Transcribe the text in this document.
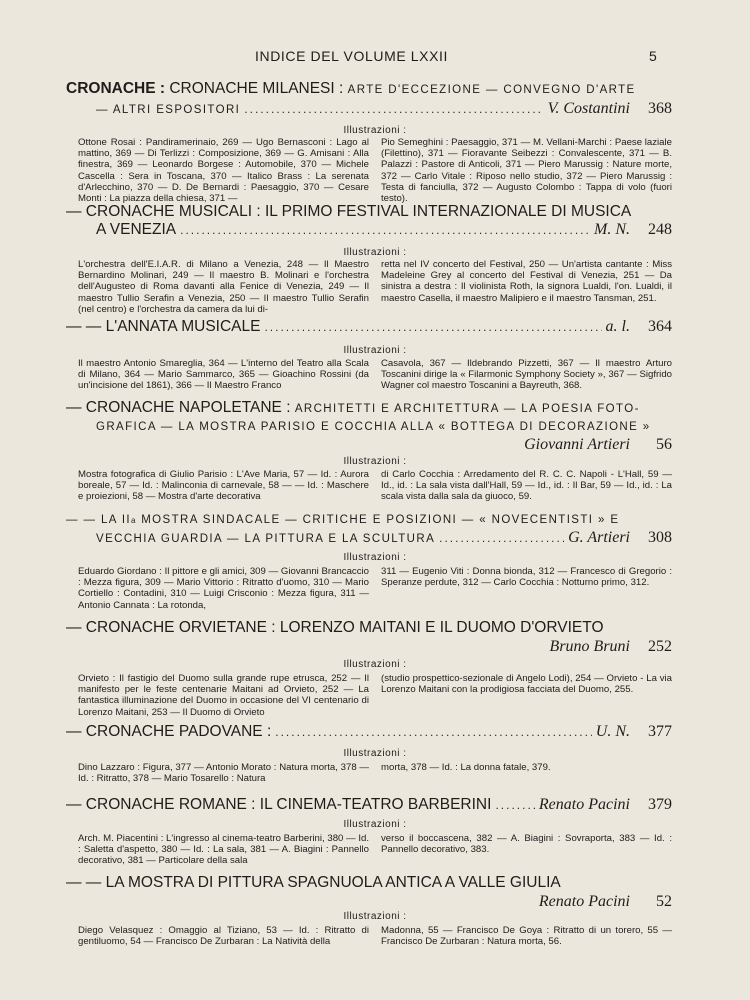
INDICE DEL VOLUME LXXII	5
CRONACHE :
CRONACHE MILANESI :
ARTE D'ECCEZIONE — CONVEGNO D'ARTE
— ALTRI ESPOSITORI .....	V. Costantini	368
Illustrazioni :
Ottone Rosai : Pandiramerinaio, 269 — Ugo Bernasconi : Lago al mattino, 369 — Di Terlizzi : Composizione, 369 — G. Amisani : Alla finestra, 369 — Leonardo Borgese : Automobile, 370 — Michele Cascella : Sera in Toscana, 370 — Italico Brass : La serenata d'Arlecchino, 370 — D. De Bernardi : Paesaggio, 370 — Cesare Monti : La piazza della chiesa, 371 —
Pio Semeghini : Paesaggio, 371 — M. Vellani-Marchi : Paese laziale (Filettino), 371 — Fioravante Seibezzi : Convalescente, 371 — B. Palazzi : Pastore di Anticoli, 371 — Piero Marussig : Nature morte, 372 — Carlo Vitale : Riposo nello studio, 372 — Piero Marussig : Testa di fanciulla, 372 — Augusto Colombo : Tappa di volo (fuori testo).
— CRONACHE MUSICALI : IL PRIMO FESTIVAL INTERNAZIONALE DI MUSICA
A VENEZIA .....	M. N.	248
Illustrazioni :
L'orchestra dell'E.I.A.R. di Milano a Venezia, 248 — Il Maestro Bernardino Molinari, 249 — Il maestro B. Molinari e l'orchestra dell'Augusteo di Roma davanti alla Fenice di Venezia, 249 — Il maestro Tullio Serafin a Venezia, 250 — Il maestro Tullio Serafin (nel centro) e l'orchestra da camera da lui di-
retta nel IV concerto del Festival, 250 — Un'artista cantante : Miss Madeleine Grey al concerto del Festival di Venezia, 251 — Da sinistra a destra : Il violinista Roth, la signora Lualdi, l'on. Lualdi, il maestro Casella, il maestro Malipiero e il maestro Tansman, 251.
— — L'ANNATA MUSICALE .....	a. l.	364
Illustrazioni :
Il maestro Antonio Smareglia, 364 — L'interno del Teatro alla Scala di Milano, 364 — Mario Sammarco, 365 — Gioachino Rossini (da un'incisione del 1861), 366 — Il Maestro Franco
Casavola, 367 — Ildebrando Pizzetti, 367 — Il maestro Arturo Toscanini dirige la « Filarmonic Symphony Society », 367 — Sigfrido Wagner col maestro Toscanini a Bayreuth, 368.
— CRONACHE NAPOLETANE :
ARCHITETTI E ARCHITETTURA — LA POESIA FOTO-
GRAFICA — LA MOSTRA PARISIO E COCCHIA ALLA « BOTTEGA DI DECORAZIONE »
Giovanni Artieri	56
Illustrazioni :
Mostra fotografica di Giulio Parisio : L'Ave Maria, 57 — Id. : Aurora boreale, 57 — Id. : Malinconia di carnevale, 58 — — Id. : Maschere e proiezioni, 58 — Mostra d'arte decorativa
di Carlo Cocchia : Arredamento del R. C. C. Napoli - L'Hall, 59 — Id., id. : La sala vista dall'Hall, 59 — Id., id. : Il Bar, 59 — Id., id. : La scala vista dalla sala da giuoco, 59.
— — LA II a
MOSTRA SINDACALE — CRITICHE E POSIZIONI — « NOVECENTISTI » E
VECCHIA GUARDIA — LA PITTURA E LA SCULTURA .....	G. Artieri	308
Illustrazioni :
Eduardo Giordano : Il pittore e gli amici, 309 — Giovanni Brancaccio : Mezza figura, 309 — Mario Vittorio : Ritratto d'uomo, 310 — Mario Cortiello : Contadini, 310 — Luigi Crisconio : Mezza figura, 311 — Antonio Cannata : La rotonda,
311 — Eugenio Viti : Donna bionda, 312 — Francesco di Gregorio : Speranze perdute, 312 — Carlo Cocchia : Notturno primo, 312.
— CRONACHE ORVIETANE : LORENZO MAITANI E IL DUOMO D'ORVIETO
Bruno Bruni	252
Illustrazioni :
Orvieto : Il fastigio del Duomo sulla grande rupe etrusca, 252 — Il manifesto per le feste centenarie Maitani ad Orvieto, 252 — La fantastica illuminazione del Duomo in occasione del VI centenario di Lorenzo Maitani, 253 — Il Duomo di Orvieto
(studio prospettico-sezionale di Angelo Lodi), 254 — Orvieto - La via Lorenzo Maitani con la prodigiosa facciata del Duomo, 255.
— CRONACHE PADOVANE : .....	U. N.	377
Illustrazioni :
Dino Lazzaro : Figura, 377 — Antonio Morato : Natura morta, 378 — Id. : Ritratto, 378 — Mario Tosarello : Natura
morta, 378 — Id. : La donna fatale, 379.
— CRONACHE ROMANE : IL CINEMA-TEATRO BARBERINI .....	Renato Pacini	379
Illustrazioni :
Arch. M. Piacentini : L'ingresso al cinema-teatro Barberini, 380 — Id. : Saletta d'aspetto, 380 — Id. : La sala, 381 — A. Biagini : Pannello decorativo, 381 — Particolare della sala
verso il boccascena, 382 — A. Biagini : Sovraporta, 383 — Id. : Pannello decorativo, 383.
— — LA MOSTRA DI PITTURA SPAGNUOLA ANTICA A VALLE GIULIA
Renato Pacini	52
Illustrazioni :
Diego Velasquez : Omaggio al Tiziano, 53 — Id. : Ritratto di gentiluomo, 54 — Francisco De Zurbaran : La Natività della
Madonna, 55 — Francisco De Goya : Ritratto di un torero, 55 — Francisco De Zurbaran : Natura morta, 56.
